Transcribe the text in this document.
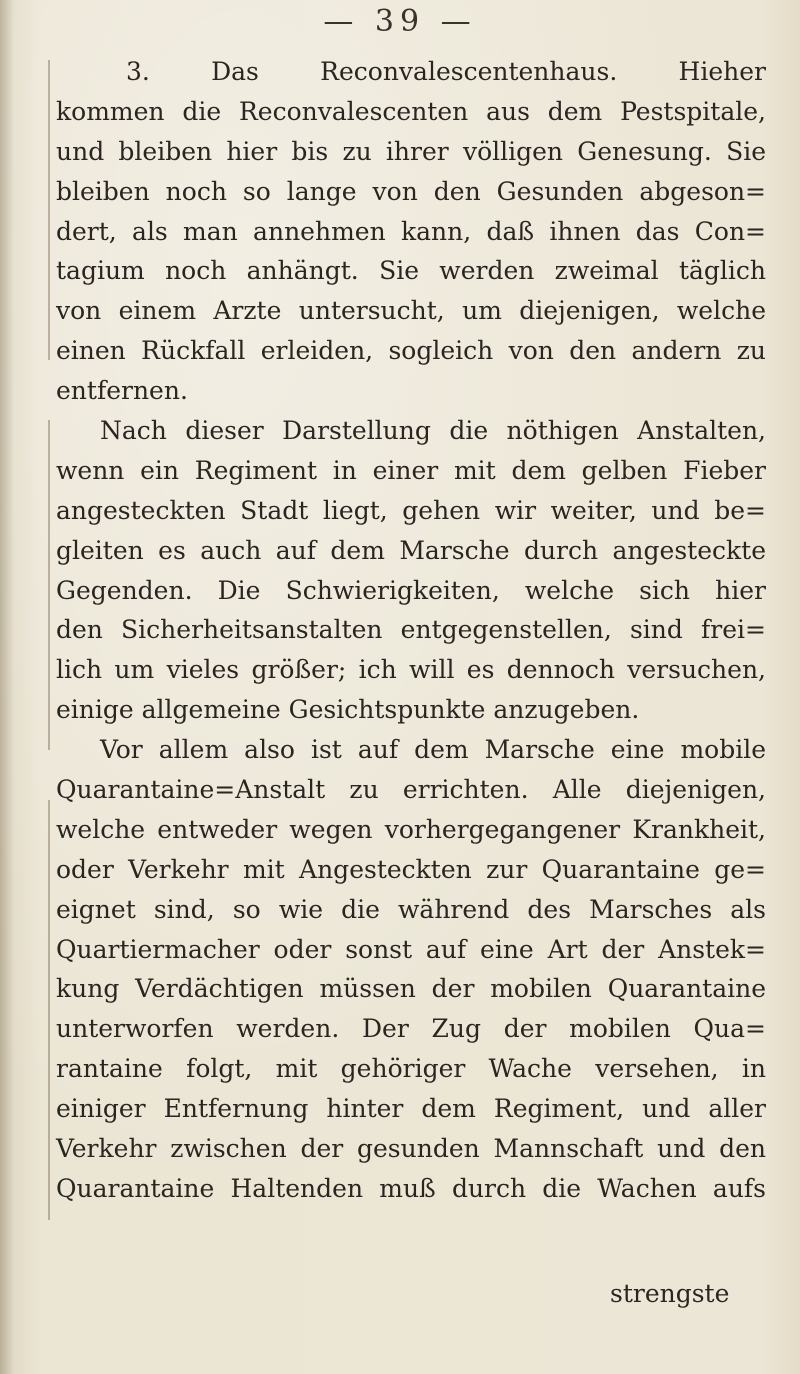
— 39 —
3. Das Reconvalescentenhaus. Hieher
kommen die Reconvalescenten aus dem Pestspitale,
und bleiben hier bis zu ihrer völligen Genesung. Sie
bleiben noch so lange von den Gesunden abgeson=
dert, als man annehmen kann, daß ihnen das Con=
tagium noch anhängt. Sie werden zweimal täglich
von einem Arzte untersucht, um diejenigen, welche
einen Rückfall erleiden, sogleich von den andern zu
entfernen.
Nach dieser Darstellung die nöthigen Anstalten,
wenn ein Regiment in einer mit dem gelben Fieber
angesteckten Stadt liegt, gehen wir weiter, und be=
gleiten es auch auf dem Marsche durch angesteckte
Gegenden. Die Schwierigkeiten, welche sich hier
den Sicherheitsanstalten entgegenstellen, sind frei=
lich um vieles größer; ich will es dennoch versuchen,
einige allgemeine Gesichtspunkte anzugeben.
Vor allem also ist auf dem Marsche eine mobile
Quarantaine=Anstalt zu errichten. Alle diejenigen,
welche entweder wegen vorhergegangener Krankheit,
oder Verkehr mit Angesteckten zur Quarantaine ge=
eignet sind, so wie die während des Marsches als
Quartiermacher oder sonst auf eine Art der Anstek=
kung Verdächtigen müssen der mobilen Quarantaine
unterworfen werden. Der Zug der mobilen Qua=
rantaine folgt, mit gehöriger Wache versehen, in
einiger Entfernung hinter dem Regiment, und aller
Verkehr zwischen der gesunden Mannschaft und den
Quarantaine Haltenden muß durch die Wachen aufs
strengste
